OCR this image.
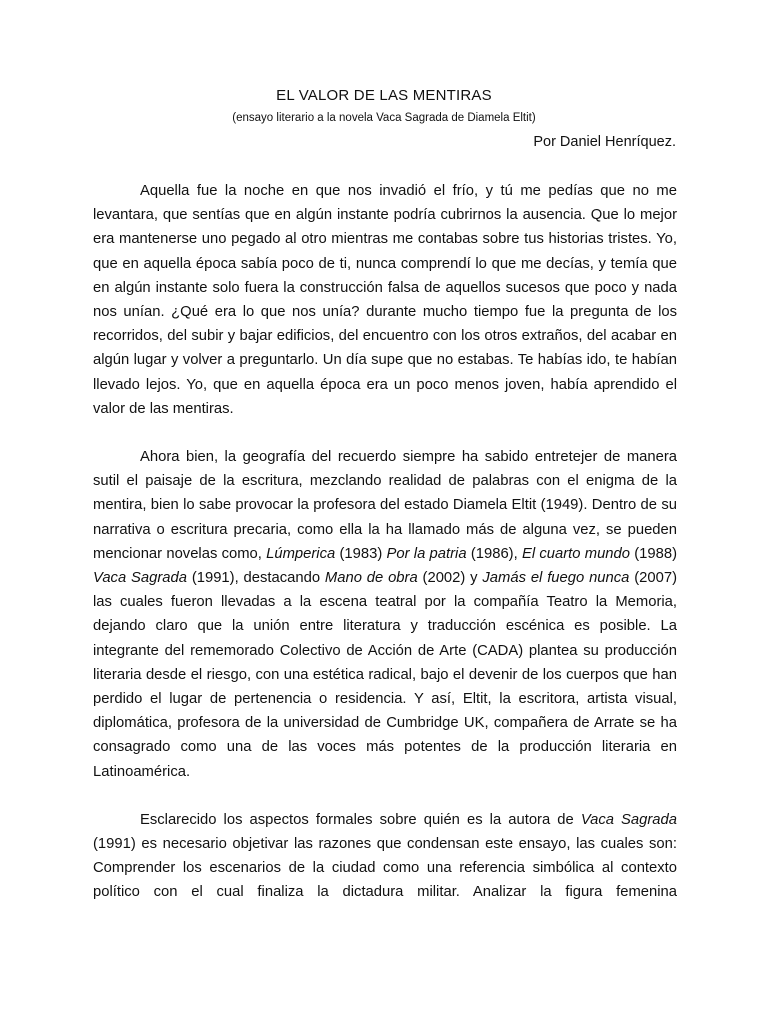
EL VALOR DE LAS MENTIRAS
(ensayo literario a la novela Vaca Sagrada de Diamela Eltit)
Por Daniel Henríquez.

Aquella fue la noche en que nos invadió el frío, y tú me pedías que no me levantara, que sentías que en algún instante podría cubrirnos la ausencia. Que lo mejor era mantenerse uno pegado al otro mientras me contabas sobre tus historias tristes. Yo, que en aquella época sabía poco de ti, nunca comprendí lo que me decías, y temía que en algún instante solo fuera la construcción falsa de aquellos sucesos que poco y nada nos unían. ¿Qué era lo que nos unía? durante mucho tiempo fue la pregunta de los recorridos, del subir y bajar edificios, del encuentro con los otros extraños, del acabar en algún lugar y volver a preguntarlo. Un día supe que no estabas. Te habías ido, te habían llevado lejos. Yo, que en aquella época era un poco menos joven, había aprendido el valor de las mentiras.

Ahora bien, la geografía del recuerdo siempre ha sabido entretejer de manera sutil el paisaje de la escritura, mezclando realidad de palabras con el enigma de la mentira, bien lo sabe provocar la profesora del estado Diamela Eltit (1949). Dentro de su narrativa o escritura precaria, como ella la ha llamado más de alguna vez, se pueden mencionar novelas como, Lúmperica (1983) Por la patria (1986), El cuarto mundo (1988) Vaca Sagrada (1991), destacando Mano de obra (2002) y Jamás el fuego nunca (2007) las cuales fueron llevadas a la escena teatral por la compañía Teatro la Memoria, dejando claro que la unión entre literatura y traducción escénica es posible. La integrante del rememorado Colectivo de Acción de Arte (CADA) plantea su producción literaria desde el riesgo, con una estética radical, bajo el devenir de los cuerpos que han perdido el lugar de pertenencia o residencia. Y así, Eltit, la escritora, artista visual, diplomática, profesora de la universidad de Cumbridge UK, compañera de Arrate se ha consagrado como una de las voces más potentes de la producción literaria en Latinoamérica.

Esclarecido los aspectos formales sobre quién es la autora de Vaca Sagrada (1991) es necesario objetivar las razones que condensan este ensayo, las cuales son: Comprender los escenarios de la ciudad como una referencia simbólica al contexto político con el cual finaliza la dictadura militar. Analizar la figura femenina
